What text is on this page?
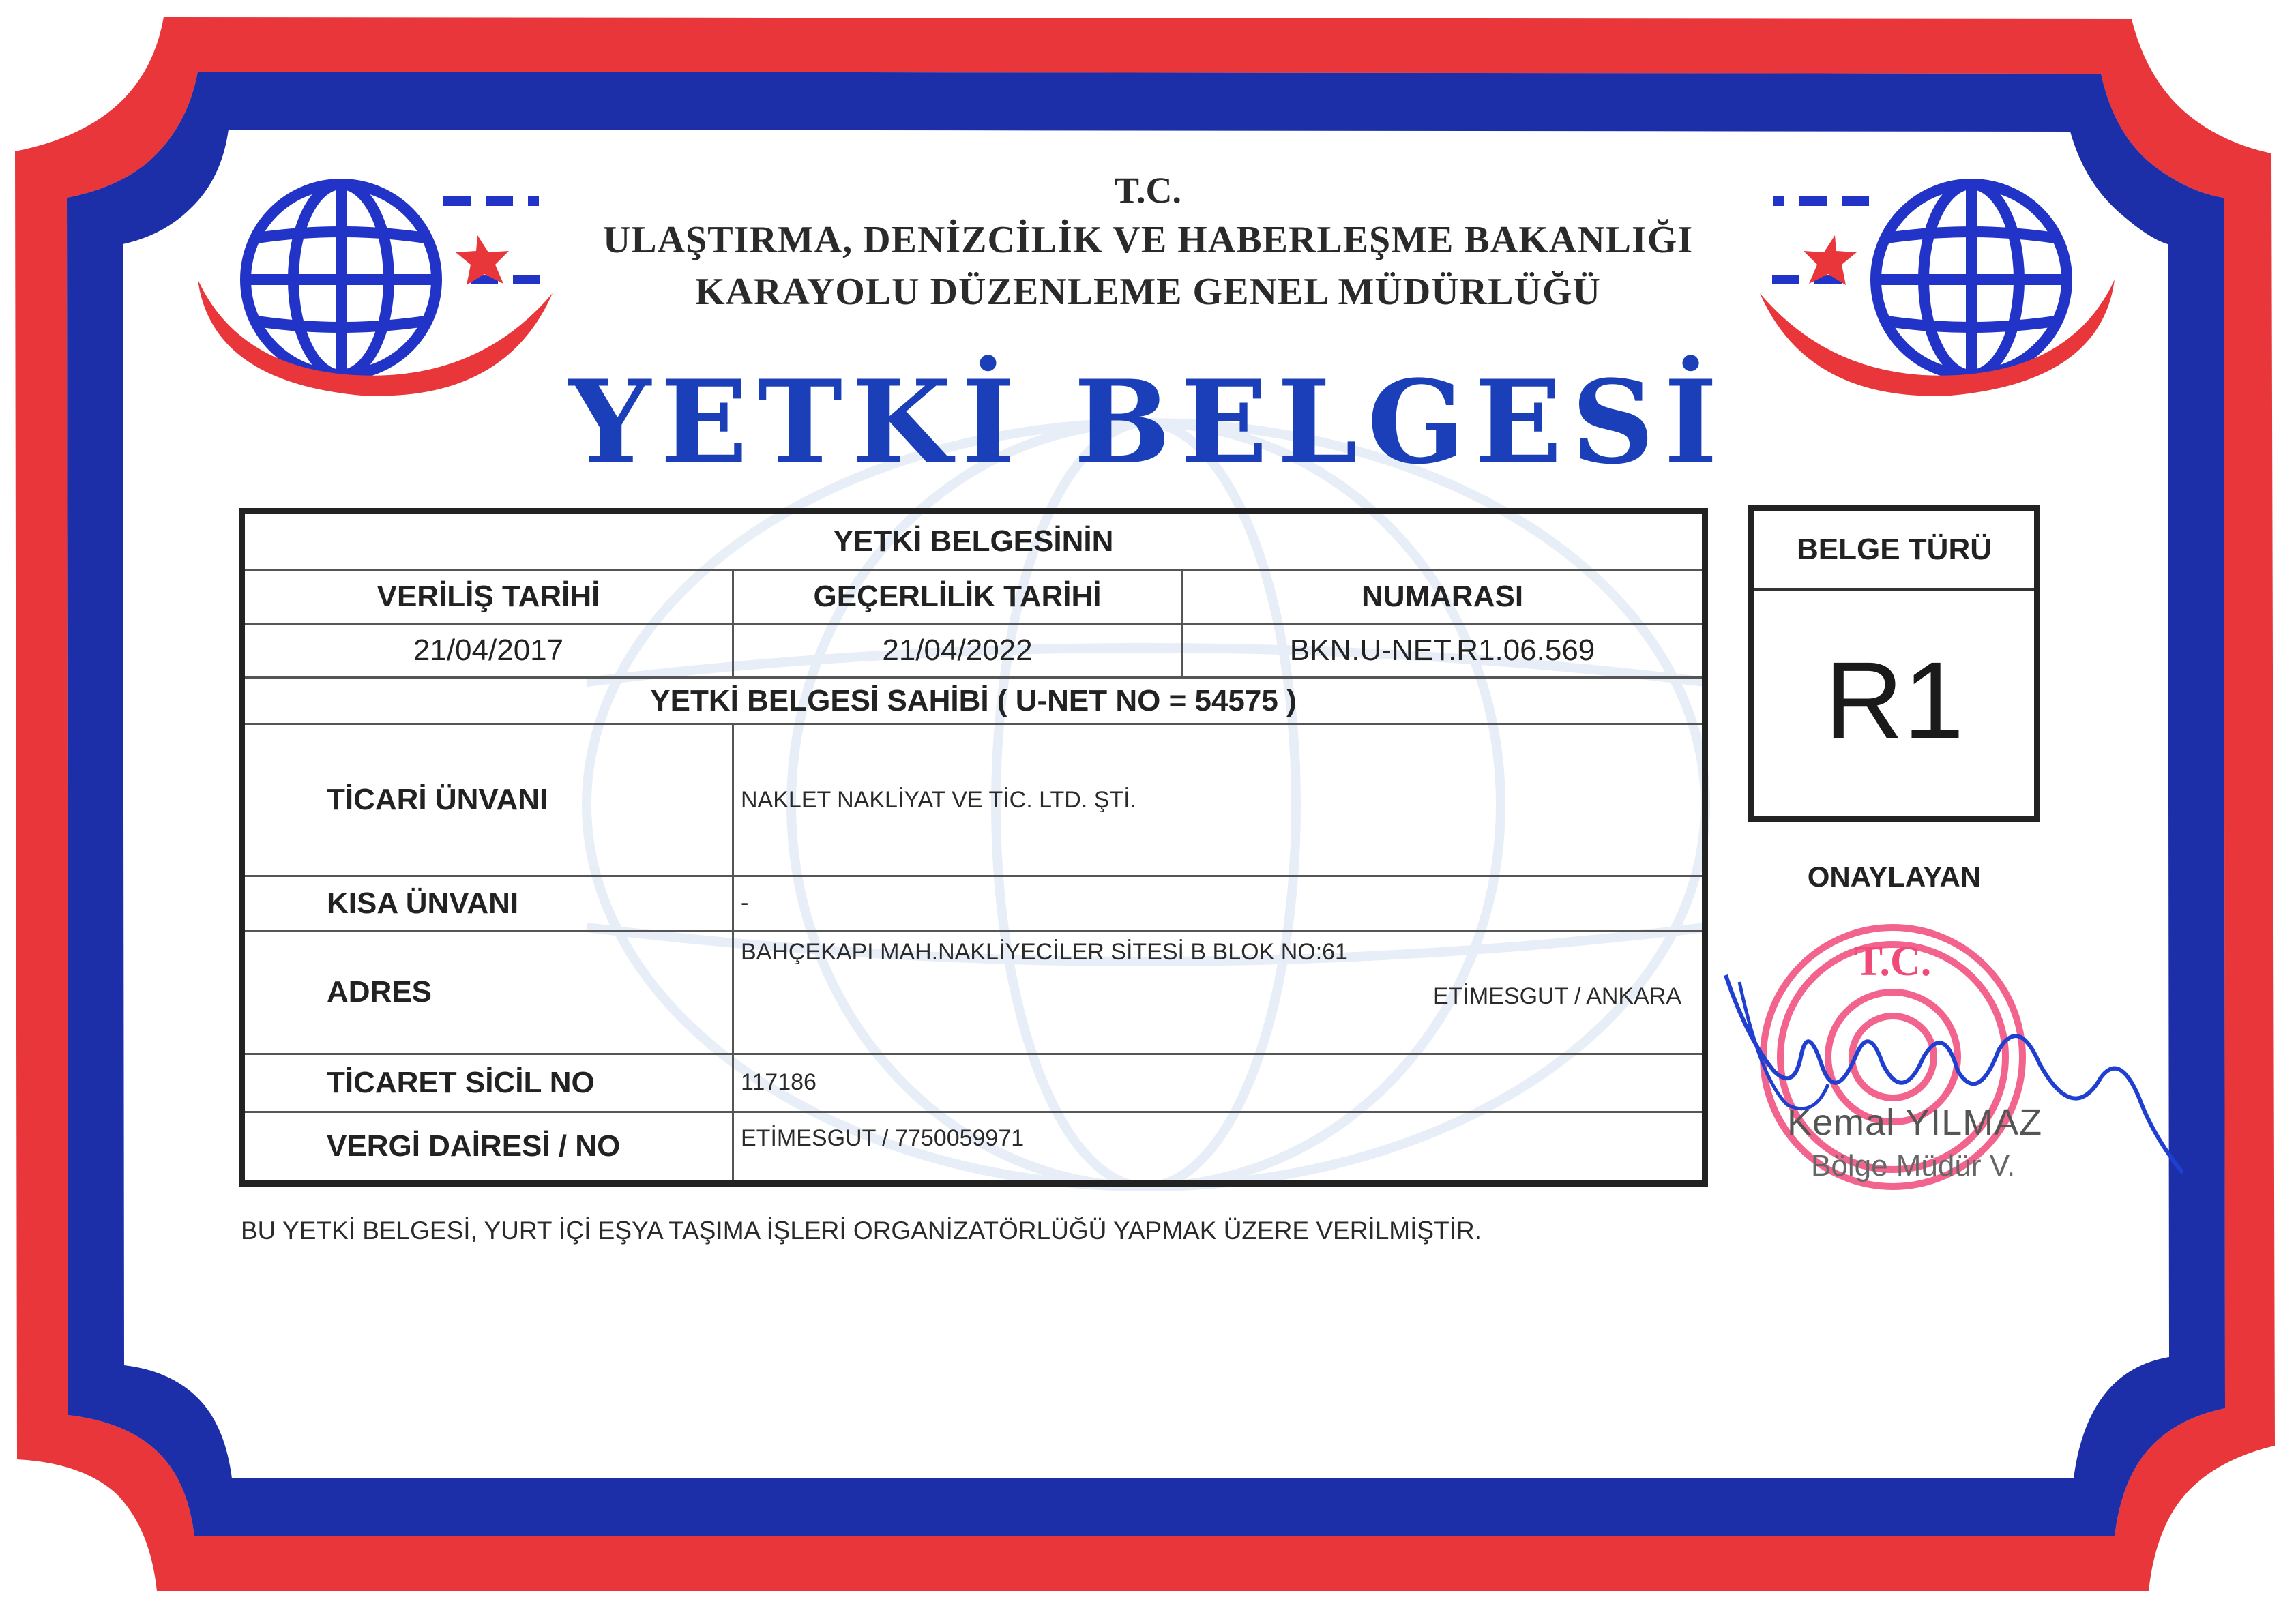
T.C.
ULAŞTIRMA, DENİZCİLİK VE HABERLEŞME BAKANLIĞI
KARAYOLU DÜZENLEME GENEL MÜDÜRLÜĞÜ
YETKİ BELGESİ
YETKİ BELGESİNİN		
VERİLİŞ TARİHİ	GEÇERLİLİK TARİHİ	NUMARASI
21/04/2017	21/04/2022	BKN.U-NET.R1.06.569
YETKİ BELGESİ SAHİBİ ( U-NET NO = 54575 )		
TİCARİ ÜNVANI	NAKLET NAKLİYAT VE TİC. LTD. ŞTİ.	
KISA ÜNVANI	-	
ADRES	BAHÇEKAPI MAH.NAKLİYECİLER SİTESİ B BLOK NO:61
ETİMESGUT / ANKARA	

TİCARET SİCİL NO	117186	
VERGİ DAİRESİ / NO	ETİMESGUT / 7750059971	
BELGE TÜRÜ
R1
ONAYLAYAN
T.C.
Kemal YILMAZ
Bölge Müdür V.
BU YETKİ BELGESİ, YURT İÇİ EŞYA TAŞIMA İŞLERİ ORGANİZATÖRLÜĞÜ YAPMAK ÜZERE VERİLMİŞTİR.
